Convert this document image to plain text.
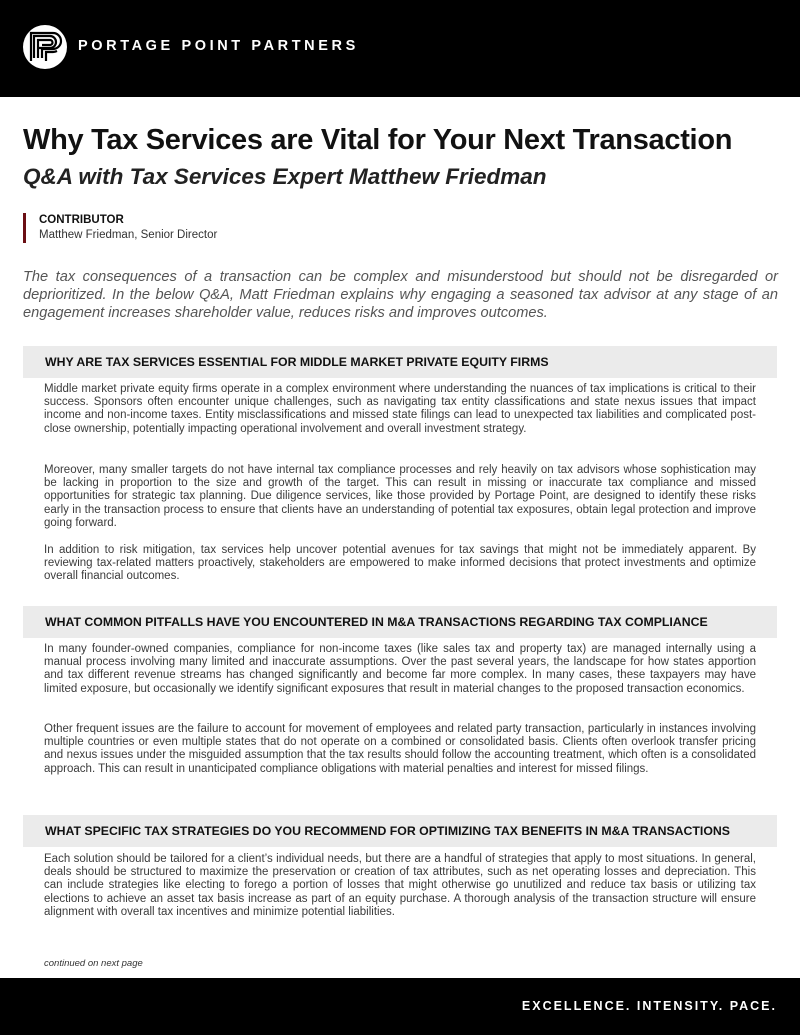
PORTAGE POINT PARTNERS
Why Tax Services are Vital for Your Next Transaction
Q&A with Tax Services Expert Matthew Friedman
CONTRIBUTOR
Matthew Friedman, Senior Director

The tax consequences of a transaction can be complex and misunderstood but should not be disregarded or deprioritized. In the below Q&A, Matt Friedman explains why engaging a seasoned tax advisor at any stage of an engagement increases shareholder value, reduces risks and improves outcomes.

WHY ARE TAX SERVICES ESSENTIAL FOR MIDDLE MARKET PRIVATE EQUITY FIRMS

Middle market private equity firms operate in a complex environment where understanding the nuances of tax implications is critical to their success. Sponsors often encounter unique challenges, such as navigating tax entity classifications and state nexus issues that impact income and non-income taxes. Entity misclassifications and missed state filings can lead to unexpected tax liabilities and complicated post-close ownership, potentially impacting operational involvement and overall investment strategy.

Moreover, many smaller targets do not have internal tax compliance processes and rely heavily on tax advisors whose sophistication may be lacking in proportion to the size and growth of the target. This can result in missing or inaccurate tax compliance and missed opportunities for strategic tax planning. Due diligence services, like those provided by Portage Point, are designed to identify these risks early in the transaction process to ensure that clients have an understanding of potential tax exposures, obtain legal protection and improve going forward.

In addition to risk mitigation, tax services help uncover potential avenues for tax savings that might not be immediately apparent. By reviewing tax-related matters proactively, stakeholders are empowered to make informed decisions that protect investments and optimize overall financial outcomes.

WHAT COMMON PITFALLS HAVE YOU ENCOUNTERED IN M&A TRANSACTIONS REGARDING TAX COMPLIANCE

In many founder-owned companies, compliance for non-income taxes (like sales tax and property tax) are managed internally using a manual process involving many limited and inaccurate assumptions. Over the past several years, the landscape for how states apportion and tax different revenue streams has changed significantly and become far more complex. In many cases, these taxpayers may have limited exposure, but occasionally we identify significant exposures that result in material changes to the proposed transaction economics.

Other frequent issues are the failure to account for movement of employees and related party transaction, particularly in instances involving multiple countries or even multiple states that do not operate on a combined or consolidated basis. Clients often overlook transfer pricing and nexus issues under the misguided assumption that the tax results should follow the accounting treatment, which often is a consolidated approach. This can result in unanticipated compliance obligations with material penalties and interest for missed filings.

WHAT SPECIFIC TAX STRATEGIES DO YOU RECOMMEND FOR OPTIMIZING TAX BENEFITS IN M&A TRANSACTIONS

Each solution should be tailored for a client’s individual needs, but there are a handful of strategies that apply to most situations. In general, deals should be structured to maximize the preservation or creation of tax attributes, such as net operating losses and depreciation. This can include strategies like electing to forego a portion of losses that might otherwise go unutilized and reduce tax basis or utilizing tax elections to achieve an asset tax basis increase as part of an equity purchase. A thorough analysis of the transaction structure will ensure alignment with overall tax incentives and minimize potential liabilities.

continued on next page
EXCELLENCE. INTENSITY. PACE.
